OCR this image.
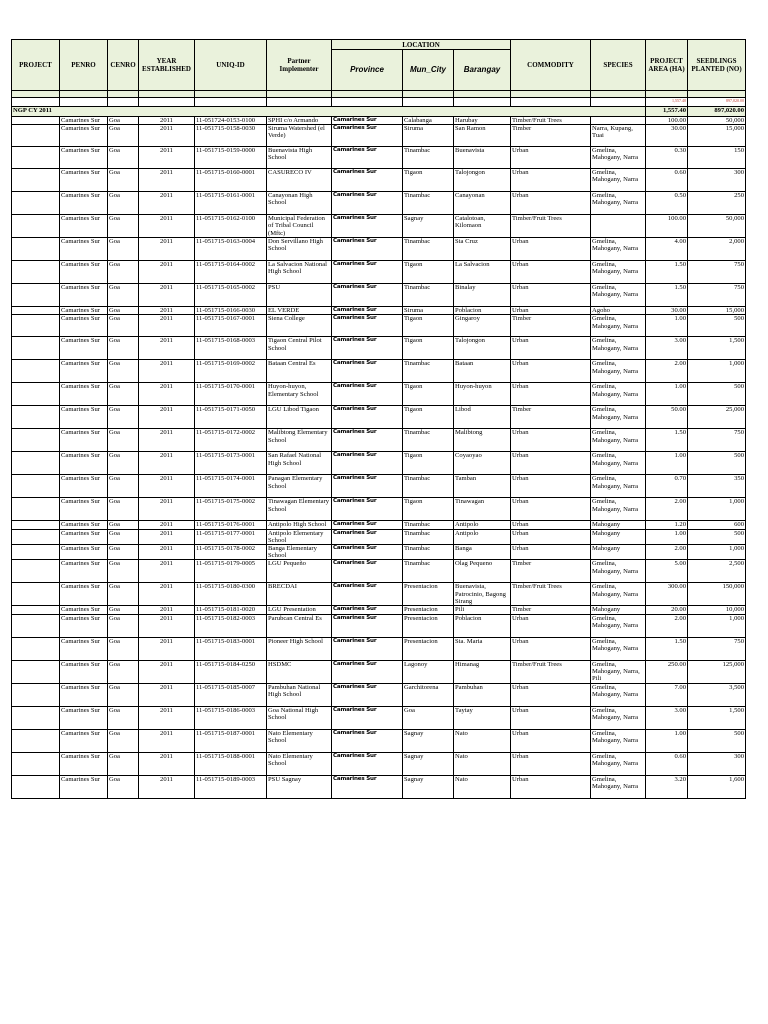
PROJECT	PENRO	CENRO	YEAR ESTABLISHED	UNIQ-ID	Partner Implementer	LOCATION			COMMODITY	SPECIES	PROJECT AREA (HA)	SEEDLINGS PLANTED (NO)
						Province	Mun_City	Barangay				

											1,557.40	897,020.00
NGP CY 2011											1,557.40	897,020.00
	Camarines Sur	Goa	2011	11-051724-0153-0100	SPHI c/o Armando	Camarines Sur	Calabanga	Harubay	Timber/Fruit Trees		100.00	50,000
	Camarines Sur	Goa	2011	11-051715-0158-0030	Siruma Watershed (el Verde)	Camarines Sur	Siruma	San Ramon	Timber	Narra, Kupang, Tuai	30.00	15,000
	Camarines Sur	Goa	2011	11-051715-0159-0000	Buenavista High School	Camarines Sur	Tinambac	Buenavista	Urban	Gmelina, Mahogany, Narra	0.30	150
	Camarines Sur	Goa	2011	11-051715-0160-0001	CASURECO IV	Camarines Sur	Tigaon	Talojongon	Urban	Gmelina, Mahogany, Narra	0.60	300
	Camarines Sur	Goa	2011	11-051715-0161-0001	Canayonan High School	Camarines Sur	Tinambac	Canayonan	Urban	Gmelina, Mahogany, Narra	0.50	250
	Camarines Sur	Goa	2011	11-051715-0162-0100	Municipal Federation of Tribal Council (Mftc)	Camarines Sur	Sagnay	Catalotoan, Kilomaon	Timber/Fruit Trees		100.00	50,000
	Camarines Sur	Goa	2011	11-051715-0163-0004	Don Servillano High School	Camarines Sur	Tinambac	Sta Cruz	Urban	Gmelina, Mahogany, Narra	4.00	2,000
	Camarines Sur	Goa	2011	11-051715-0164-0002	La Salvacion National High School	Camarines Sur	Tigaon	La Salvacion	Urban	Gmelina, Mahogany, Narra	1.50	750
	Camarines Sur	Goa	2011	11-051715-0165-0002	PSU	Camarines Sur	Tinambac	Binalay	Urban	Gmelina, Mahogany, Narra	1.50	750
	Camarines Sur	Goa	2011	11-051715-0166-0030	EL VERDE	Camarines Sur	Siruma	Poblacion	Urban	Agoho	30.00	15,000
	Camarines Sur	Goa	2011	11-051715-0167-0001	Siena College	Camarines Sur	Tigaon	Gingaroy	Timber	Gmelina, Mahogany, Narra	1.00	500
	Camarines Sur	Goa	2011	11-051715-0168-0003	Tigaon Central Pilot School	Camarines Sur	Tigaon	Talojongon	Urban	Gmelina, Mahogany, Narra	3.00	1,500
	Camarines Sur	Goa	2011	11-051715-0169-0002	Bataan Central Es	Camarines Sur	Tinambac	Bataan	Urban	Gmelina, Mahogany, Narra	2.00	1,000
	Camarines Sur	Goa	2011	11-051715-0170-0001	Huyon-huyon, Elementary School	Camarines Sur	Tigaon	Huyon-huyon	Urban	Gmelina, Mahogany, Narra	1.00	500
	Camarines Sur	Goa	2011	11-051715-0171-0050	LGU Libod Tigaon	Camarines Sur	Tigaon	Libod	Timber	Gmelina, Mahogany, Narra	50.00	25,000
	Camarines Sur	Goa	2011	11-051715-0172-0002	Malibtong Elementary School	Camarines Sur	Tinambac	Malibtong	Urban	Gmelina, Mahogany, Narra	1.50	750
	Camarines Sur	Goa	2011	11-051715-0173-0001	San Rafael National High School	Camarines Sur	Tigaon	Coyaoyao	Urban	Gmelina, Mahogany, Narra	1.00	500
	Camarines Sur	Goa	2011	11-051715-0174-0001	Panagan Elementary School	Camarines Sur	Tinambac	Tamban	Urban	Gmelina, Mahogany, Narra	0.70	350
	Camarines Sur	Goa	2011	11-051715-0175-0002	Tinawagan Elementary School	Camarines Sur	Tigaon	Tinawagan	Urban	Gmelina, Mahogany, Narra	2.00	1,000
	Camarines Sur	Goa	2011	11-051715-0176-0001	Antipolo High School	Camarines Sur	Tinambac	Antipolo	Urban	Mahogany	1.20	600
	Camarines Sur	Goa	2011	11-051715-0177-0001	Antipolo Elementary School	Camarines Sur	Tinambac	Antipolo	Urban	Mahogany	1.00	500
	Camarines Sur	Goa	2011	11-051715-0178-0002	Banga Elementary School	Camarines Sur	Tinambac	Banga	Urban	Mahogany	2.00	1,000
	Camarines Sur	Goa	2011	11-051715-0179-0005	LGU Pequeño	Camarines Sur	Tinambac	Olag Pequeno	Timber	Gmelina, Mahogany, Narra	5.00	2,500
	Camarines Sur	Goa	2011	11-051715-0180-0300	BRECDAI	Camarines Sur	Presentacion	Buenavista, Patrocinio, Bagong Sirang	Timber/Fruit Trees	Gmelina, Mahogany, Narra	300.00	150,000
	Camarines Sur	Goa	2011	11-051715-0181-0020	LGU Presentation	Camarines Sur	Presentacion	Pili	Timber	Mahogany	20.00	10,000
	Camarines Sur	Goa	2011	11-051715-0182-0003	Parubcan Central Es	Camarines Sur	Presentacion	Poblacion	Urban	Gmelina, Mahogany, Narra	2.00	1,000
	Camarines Sur	Goa	2011	11-051715-0183-0001	Pioneer High School	Camarines Sur	Presentacion	Sta. Maria	Urban	Gmelina, Mahogany, Narra	1.50	750
	Camarines Sur	Goa	2011	11-051715-0184-0250	HSDMC	Camarines Sur	Lagonoy	Himanag	Timber/Fruit Trees	Gmelina, Mahogany, Narra, Pili	250.00	125,000
	Camarines Sur	Goa	2011	11-051715-0185-0007	Pambuhan National High School	Camarines Sur	Garchitorena	Pambuhan	Urban	Gmelina, Mahogany, Narra	7.00	3,500
	Camarines Sur	Goa	2011	11-051715-0186-0003	Goa National High School	Camarines Sur	Goa	Taytay	Urban	Gmelina, Mahogany, Narra	3.00	1,500
	Camarines Sur	Goa	2011	11-051715-0187-0001	Nato Elementary School	Camarines Sur	Sagnay	Nato	Urban	Gmelina, Mahogany, Narra	1.00	500
	Camarines Sur	Goa	2011	11-051715-0188-0001	Nato Elementary School	Camarines Sur	Sagnay	Nato	Urban	Gmelina, Mahogany, Narra	0.60	300
	Camarines Sur	Goa	2011	11-051715-0189-0003	PSU Sagnay	Camarines Sur	Sagnay	Nato	Urban	Gmelina, Mahogany, Narra	3.20	1,600
